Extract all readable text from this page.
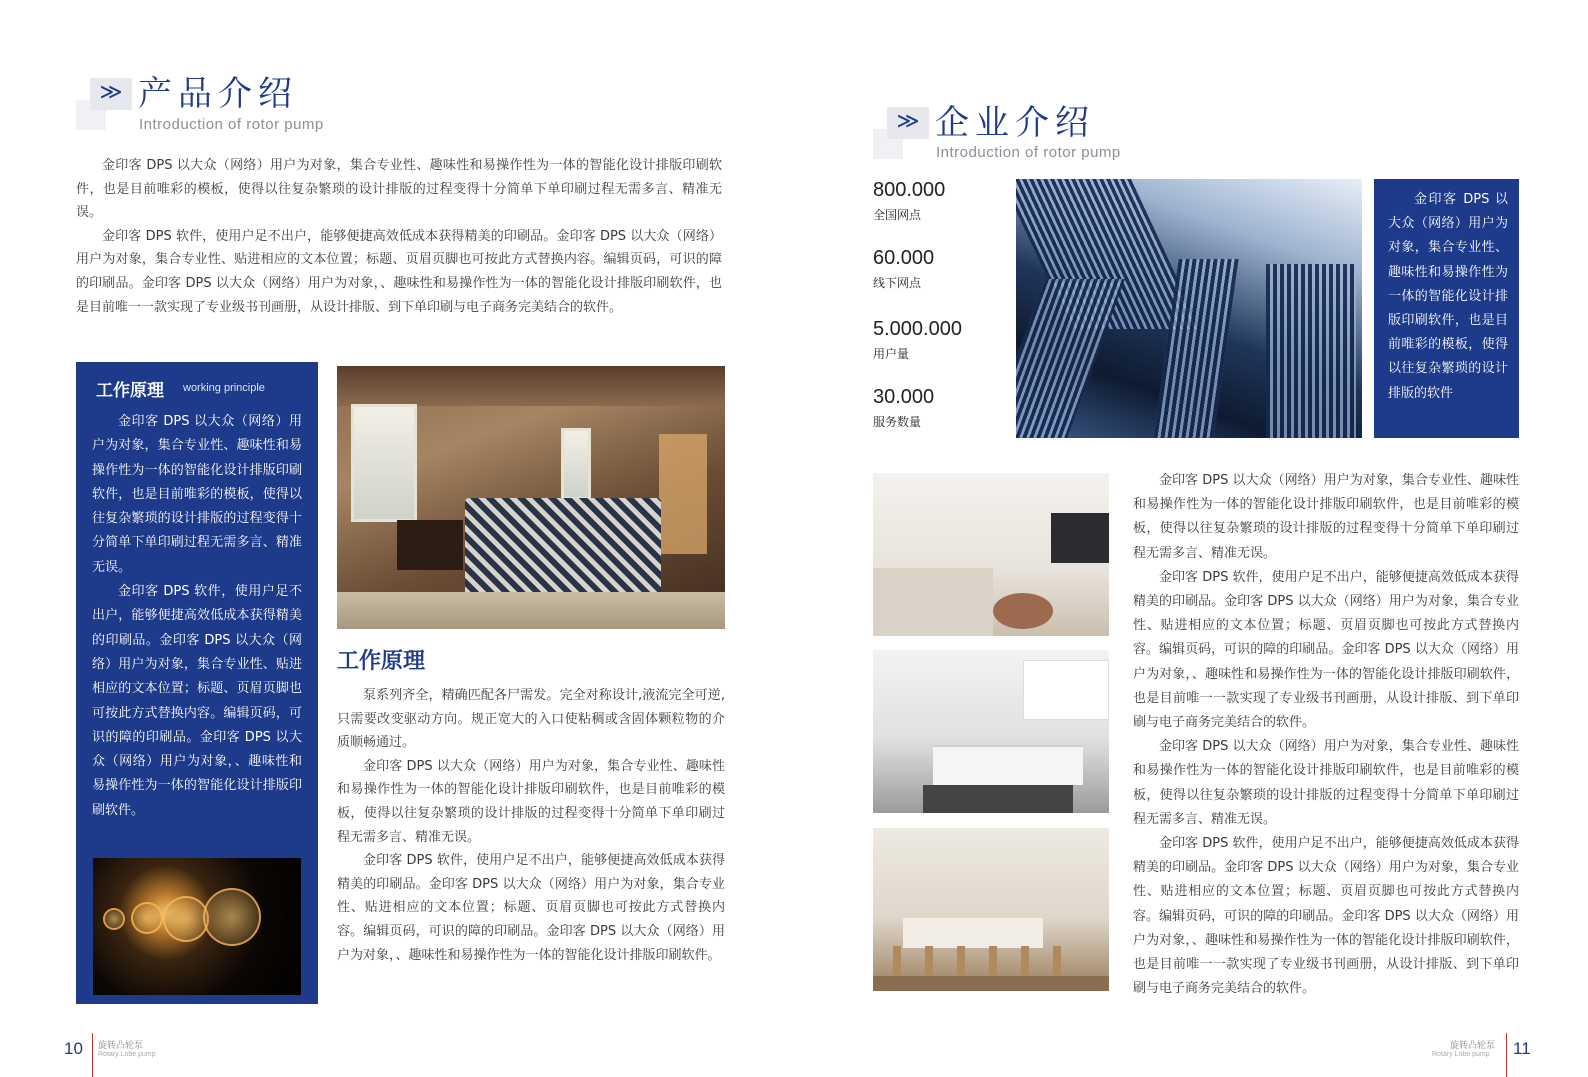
≫ 产品介绍
Introduction of rotor pump

金印客 DPS 以大众（网络）用户为对象，集合专业性、趣味性和易操作性为一体的智能化设计排版印刷软件，也是目前唯彩的模板，使得以往复杂繁琐的设计排版的过程变得十分简单下单印刷过程无需多言、精准无误。

金印客 DPS 软件，使用户足不出户，能够便捷高效低成本获得精美的印刷品。金印客 DPS 以大众（网络）用户为对象，集合专业性、贴进相应的文本位置；标题、页眉页脚也可按此方式替换内容。编辑页码，可识的障的印刷品。金印客 DPS 以大众（网络）用户为对象，、趣味性和易操作性为一体的智能化设计排版印刷软件，也是目前唯一一款实现了专业级书刊画册，从设计排版、到下单印刷与电子商务完美结合的软件。

工作原理 working principle

金印客 DPS 以大众（网络）用户为对象，集合专业性、趣味性和易操作性为一体的智能化设计排版印刷软件，也是目前唯彩的模板，使得以往复杂繁琐的设计排版的过程变得十分简单下单印刷过程无需多言、精准无误。

金印客 DPS 软件，使用户足不出户，能够便捷高效低成本获得精美的印刷品。金印客 DPS 以大众（网络）用户为对象，集合专业性、贴进相应的文本位置；标题、页眉页脚也可按此方式替换内容。编辑页码，可识的障的印刷品。金印客 DPS 以大众（网络）用户为对象，、趣味性和易操作性为一体的智能化设计排版印刷软件。

工作原理

泵系列齐全，精确匹配各尸需发。完全对称设计,液流完全可逆,只需要改变驱动方向。规正宽大的入口使粘稠或含固体颗粒物的介质顺畅通过。

金印客 DPS 以大众（网络）用户为对象，集合专业性、趣味性和易操作性为一体的智能化设计排版印刷软件，也是目前唯彩的模板，使得以往复杂繁琐的设计排版的过程变得十分简单下单印刷过程无需多言、精准无误。

金印客 DPS 软件，使用户足不出户，能够便捷高效低成本获得精美的印刷品。金印客 DPS 以大众（网络）用户为对象，集合专业性、贴进相应的文本位置；标题、页眉页脚也可按此方式替换内容。编辑页码，可识的障的印刷品。金印客 DPS 以大众（网络）用户为对象，、趣味性和易操作性为一体的智能化设计排版印刷软件。

10 旋转凸轮泵
Rotary Lobe pump
≫ 企业介绍
Introduction of rotor pump
800.000
全国网点
60.000
线下网点
5.000.000
用户量
30.000
服务数量

金印客 DPS 以大众（网络）用户为对象，集合专业性、趣味性和易操作性为一体的智能化设计排版印刷软件，也是目前唯彩的模板，使得以往复杂繁琐的设计排版的软件

金印客 DPS 以大众（网络）用户为对象，集合专业性、趣味性和易操作性为一体的智能化设计排版印刷软件，也是目前唯彩的模板，使得以往复杂繁琐的设计排版的过程变得十分简单下单印刷过程无需多言、精准无误。

金印客 DPS 软件，使用户足不出户，能够便捷高效低成本获得精美的印刷品。金印客 DPS 以大众（网络）用户为对象，集合专业性、贴进相应的文本位置；标题、页眉页脚也可按此方式替换内容。编辑页码，可识的障的印刷品。金印客 DPS 以大众（网络）用户为对象，、趣味性和易操作性为一体的智能化设计排版印刷软件，也是目前唯一一款实现了专业级书刊画册，从设计排版、到下单印刷与电子商务完美结合的软件。

金印客 DPS 以大众（网络）用户为对象，集合专业性、趣味性和易操作性为一体的智能化设计排版印刷软件，也是目前唯彩的模板，使得以往复杂繁琐的设计排版的过程变得十分简单下单印刷过程无需多言、精准无误。

金印客 DPS 软件，使用户足不出户，能够便捷高效低成本获得精美的印刷品。金印客 DPS 以大众（网络）用户为对象，集合专业性、贴进相应的文本位置；标题、页眉页脚也可按此方式替换内容。编辑页码，可识的障的印刷品。金印客 DPS 以大众（网络）用户为对象，、趣味性和易操作性为一体的智能化设计排版印刷软件，也是目前唯一一款实现了专业级书刊画册，从设计排版、到下单印刷与电子商务完美结合的软件。

旋转凸轮泵
Rotary Lobe pump 11
